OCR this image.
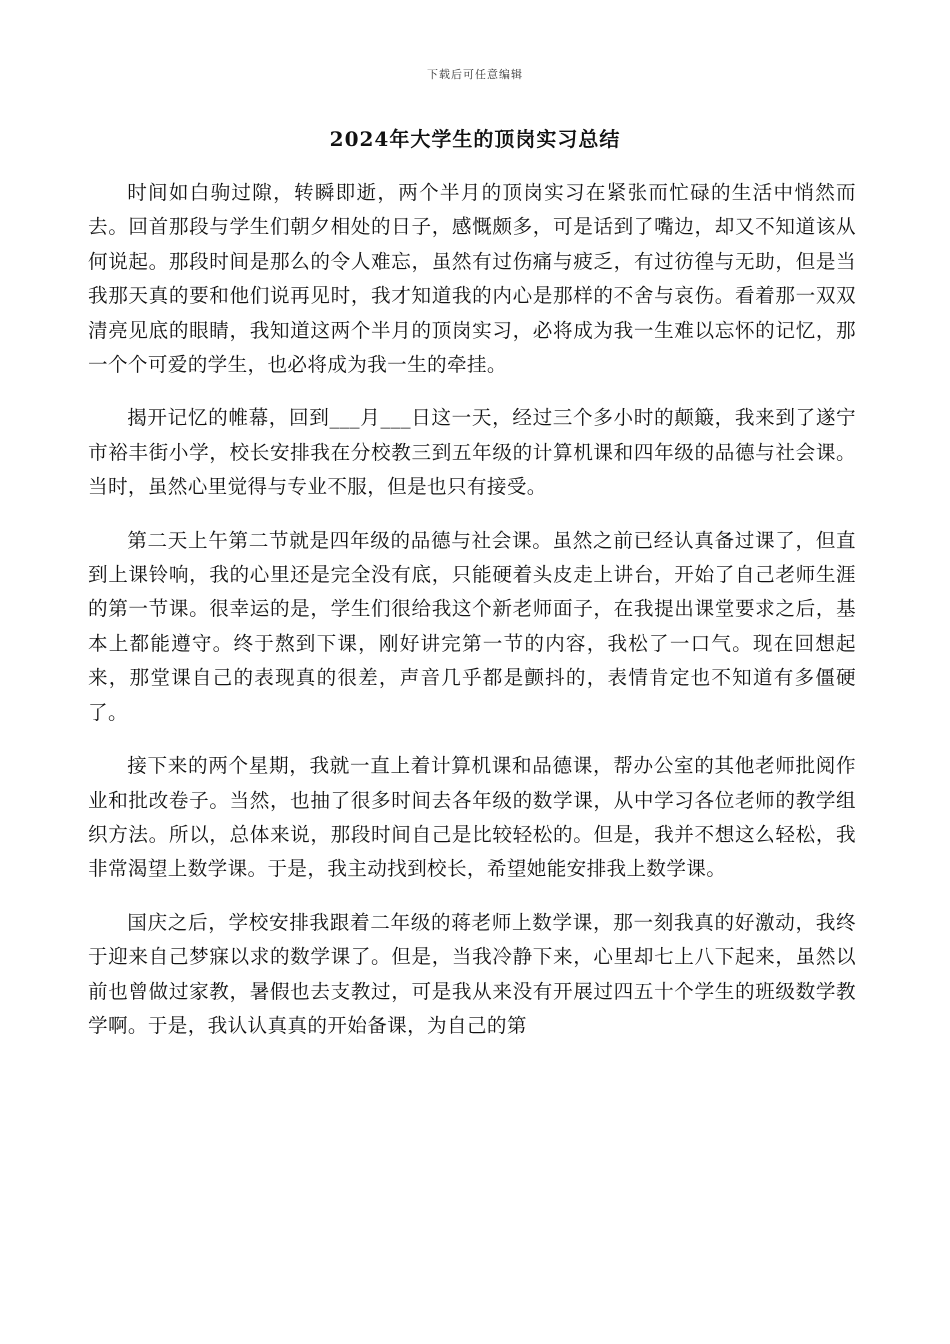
下载后可任意编辑
2024年大学生的顶岗实习总结

时间如白驹过隙，转瞬即逝，两个半月的顶岗实习在紧张而忙碌的生活中悄然而去。回首那段与学生们朝夕相处的日子，感慨颇多，可是话到了嘴边，却又不知道该从何说起。那段时间是那么的令人难忘，虽然有过伤痛与疲乏，有过彷徨与无助，但是当我那天真的要和他们说再见时，我才知道我的内心是那样的不舍与哀伤。看着那一双双清亮见底的眼睛，我知道这两个半月的顶岗实习，必将成为我一生难以忘怀的记忆，那一个个可爱的学生，也必将成为我一生的牵挂。

揭开记忆的帷幕，回到___月___日这一天，经过三个多小时的颠簸，我来到了遂宁市裕丰街小学，校长安排我在分校教三到五年级的计算机课和四年级的品德与社会课。当时，虽然心里觉得与专业不服，但是也只有接受。

第二天上午第二节就是四年级的品德与社会课。虽然之前已经认真备过课了，但直到上课铃响，我的心里还是完全没有底，只能硬着头皮走上讲台，开始了自己老师生涯的第一节课。很幸运的是，学生们很给我这个新老师面子，在我提出课堂要求之后，基本上都能遵守。终于熬到下课，刚好讲完第一节的内容，我松了一口气。现在回想起来，那堂课自己的表现真的很差，声音几乎都是颤抖的，表情肯定也不知道有多僵硬了。

接下来的两个星期，我就一直上着计算机课和品德课，帮办公室的其他老师批阅作业和批改卷子。当然，也抽了很多时间去各年级的数学课，从中学习各位老师的教学组织方法。所以，总体来说，那段时间自己是比较轻松的。但是，我并不想这么轻松，我非常渴望上数学课。于是，我主动找到校长，希望她能安排我上数学课。

国庆之后，学校安排我跟着二年级的蒋老师上数学课，那一刻我真的好激动，我终于迎来自己梦寐以求的数学课了。但是，当我冷静下来，心里却七上八下起来，虽然以前也曾做过家教，暑假也去支教过，可是我从来没有开展过四五十个学生的班级数学教学啊。于是，我认认真真的开始备课，为自己的第
